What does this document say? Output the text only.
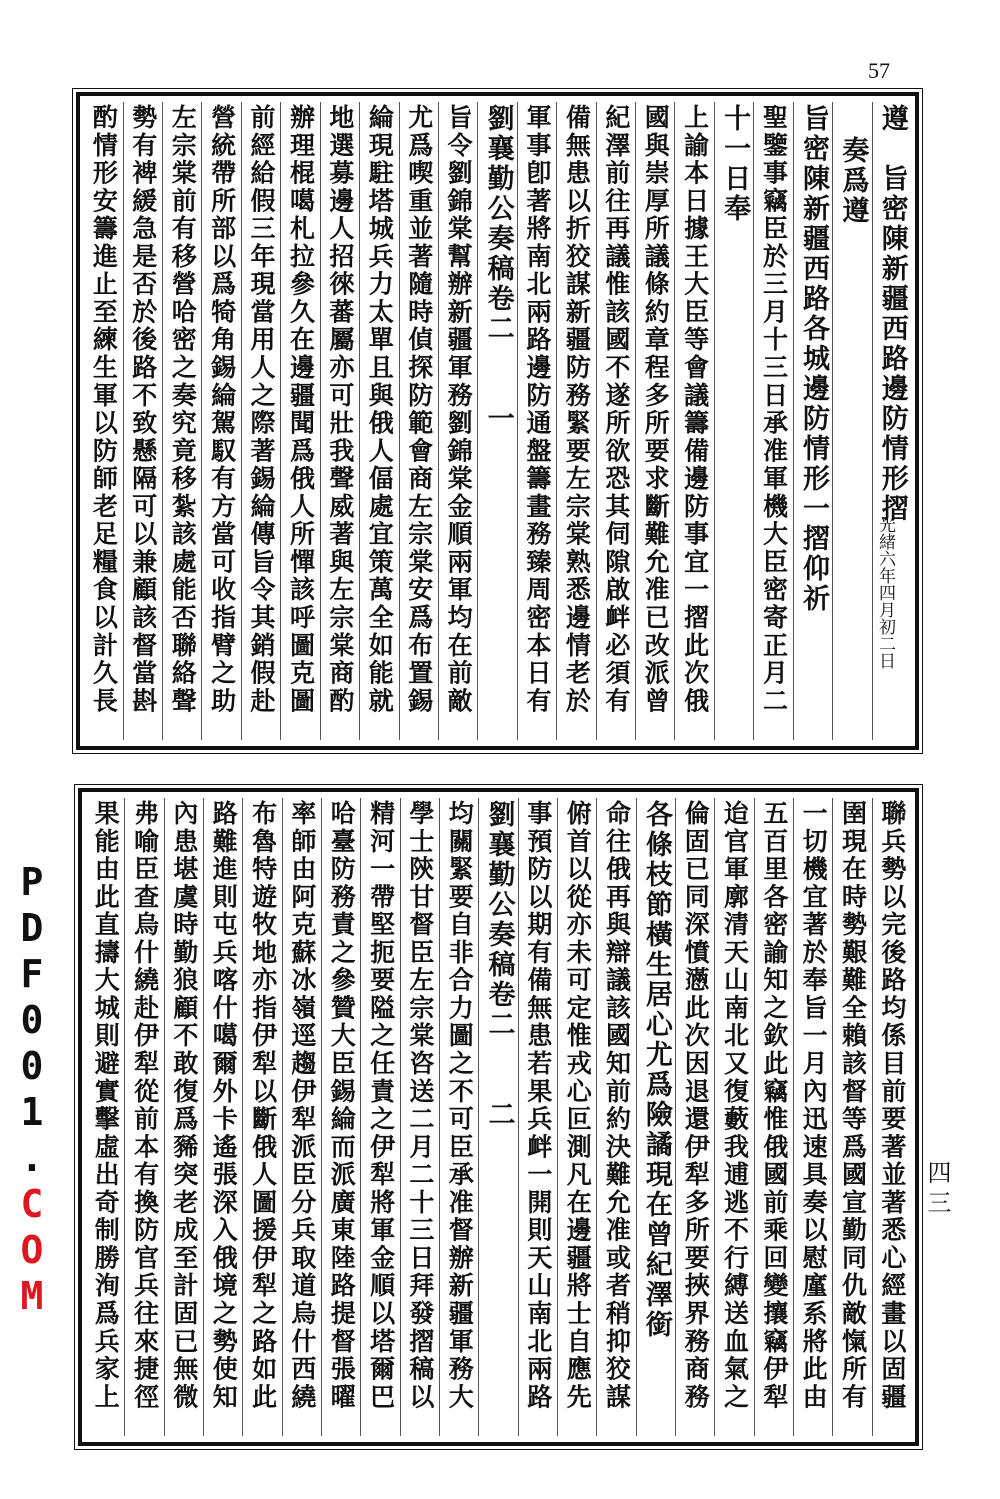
57
遵　旨密陳新疆西路邊防情形摺
奏爲遵
旨密陳新疆西路各城邊防情形一摺仰祈
聖鑒事竊臣於三月十三日承准軍機大臣密寄正月二
十一日奉
上諭本日據王大臣等會議籌備邊防事宜一摺此次俄
國與崇厚所議條約章程多所要求斷難允准已改派曾
紀澤前往再議惟該國不遂所欲恐其伺隙啟衅必須有
備無患以折狡謀新疆防務緊要左宗棠熟悉邊情老於
軍事卽著將南北兩路邊防通盤籌畫務臻周密本日有
劉襄勤公奏稿卷二　　一
旨令劉錦棠幫辦新疆軍務劉錦棠金順兩軍均在前敵
尤爲喫重並著隨時偵探防範會商左宗棠安爲布置錫
綸現駐塔城兵力太單且與俄人偪處宜策萬全如能就
地選募邊人招徠蕃屬亦可壯我聲威著與左宗棠商酌
辦理棍噶札拉參久在邊疆聞爲俄人所憚該呼圖克圖
前經給假三年現當用人之際著錫綸傳旨令其銷假赴
營統帶所部以爲犄角錫綸駕馭有方當可收指臂之助
左宗棠前有移營哈密之奏究竟移紮該處能否聯絡聲
勢有裨緩急是否於後路不致懸隔可以兼顧該督當斟
酌情形安籌進止至練生軍以防師老足糧食以計久長	光緒六年四月初二日
聯兵勢以完後路均係目前要著並著悉心經畫以固疆
圉現在時勢艱難全賴該督等爲國宣勤同仇敵愾所有
一切機宜著於奉旨一月內迅速具奏以慰廑系將此由
五百里各密諭知之欽此竊惟俄國前乘回變攘竊伊犁
迨官軍廓清天山南北又復藪我逋逃不行縛送血氣之
倫固已同深憤懣此次因退還伊犁多所要挾界務商務
各條枝節橫生居心尤爲險譎現在曾紀澤銜
命往俄再與辯議該國知前約決難允准或者稍抑狡謀
俯首以從亦未可定惟戎心叵測凡在邊疆將士自應先
事預防以期有備無患若果兵衅一開則天山南北兩路
劉襄勤公奏稿卷二　　二
均關緊要自非合力圖之不可臣承准督辦新疆軍務大
學士陝甘督臣左宗棠咨送二月二十三日拜發摺稿以
精河一帶堅扼要隘之任責之伊犁將軍金順以塔爾巴
哈臺防務責之參贊大臣錫綸而派廣東陸路提督張曜
率師由阿克蘇冰嶺逕趨伊犁派臣分兵取道烏什西繞
布魯特遊牧地亦指伊犁以斷俄人圖援伊犁之路如此
路難進則屯兵喀什噶爾外卡遙張深入俄境之勢使知
內患堪虞時勤狼顧不敢復爲豨突老成至計固已無微
弗喻臣查烏什繞赴伊犁從前本有換防官兵往來捷徑
果能由此直擣大城則避實擊虛出奇制勝洵爲兵家上
PDF001.COM	四三
